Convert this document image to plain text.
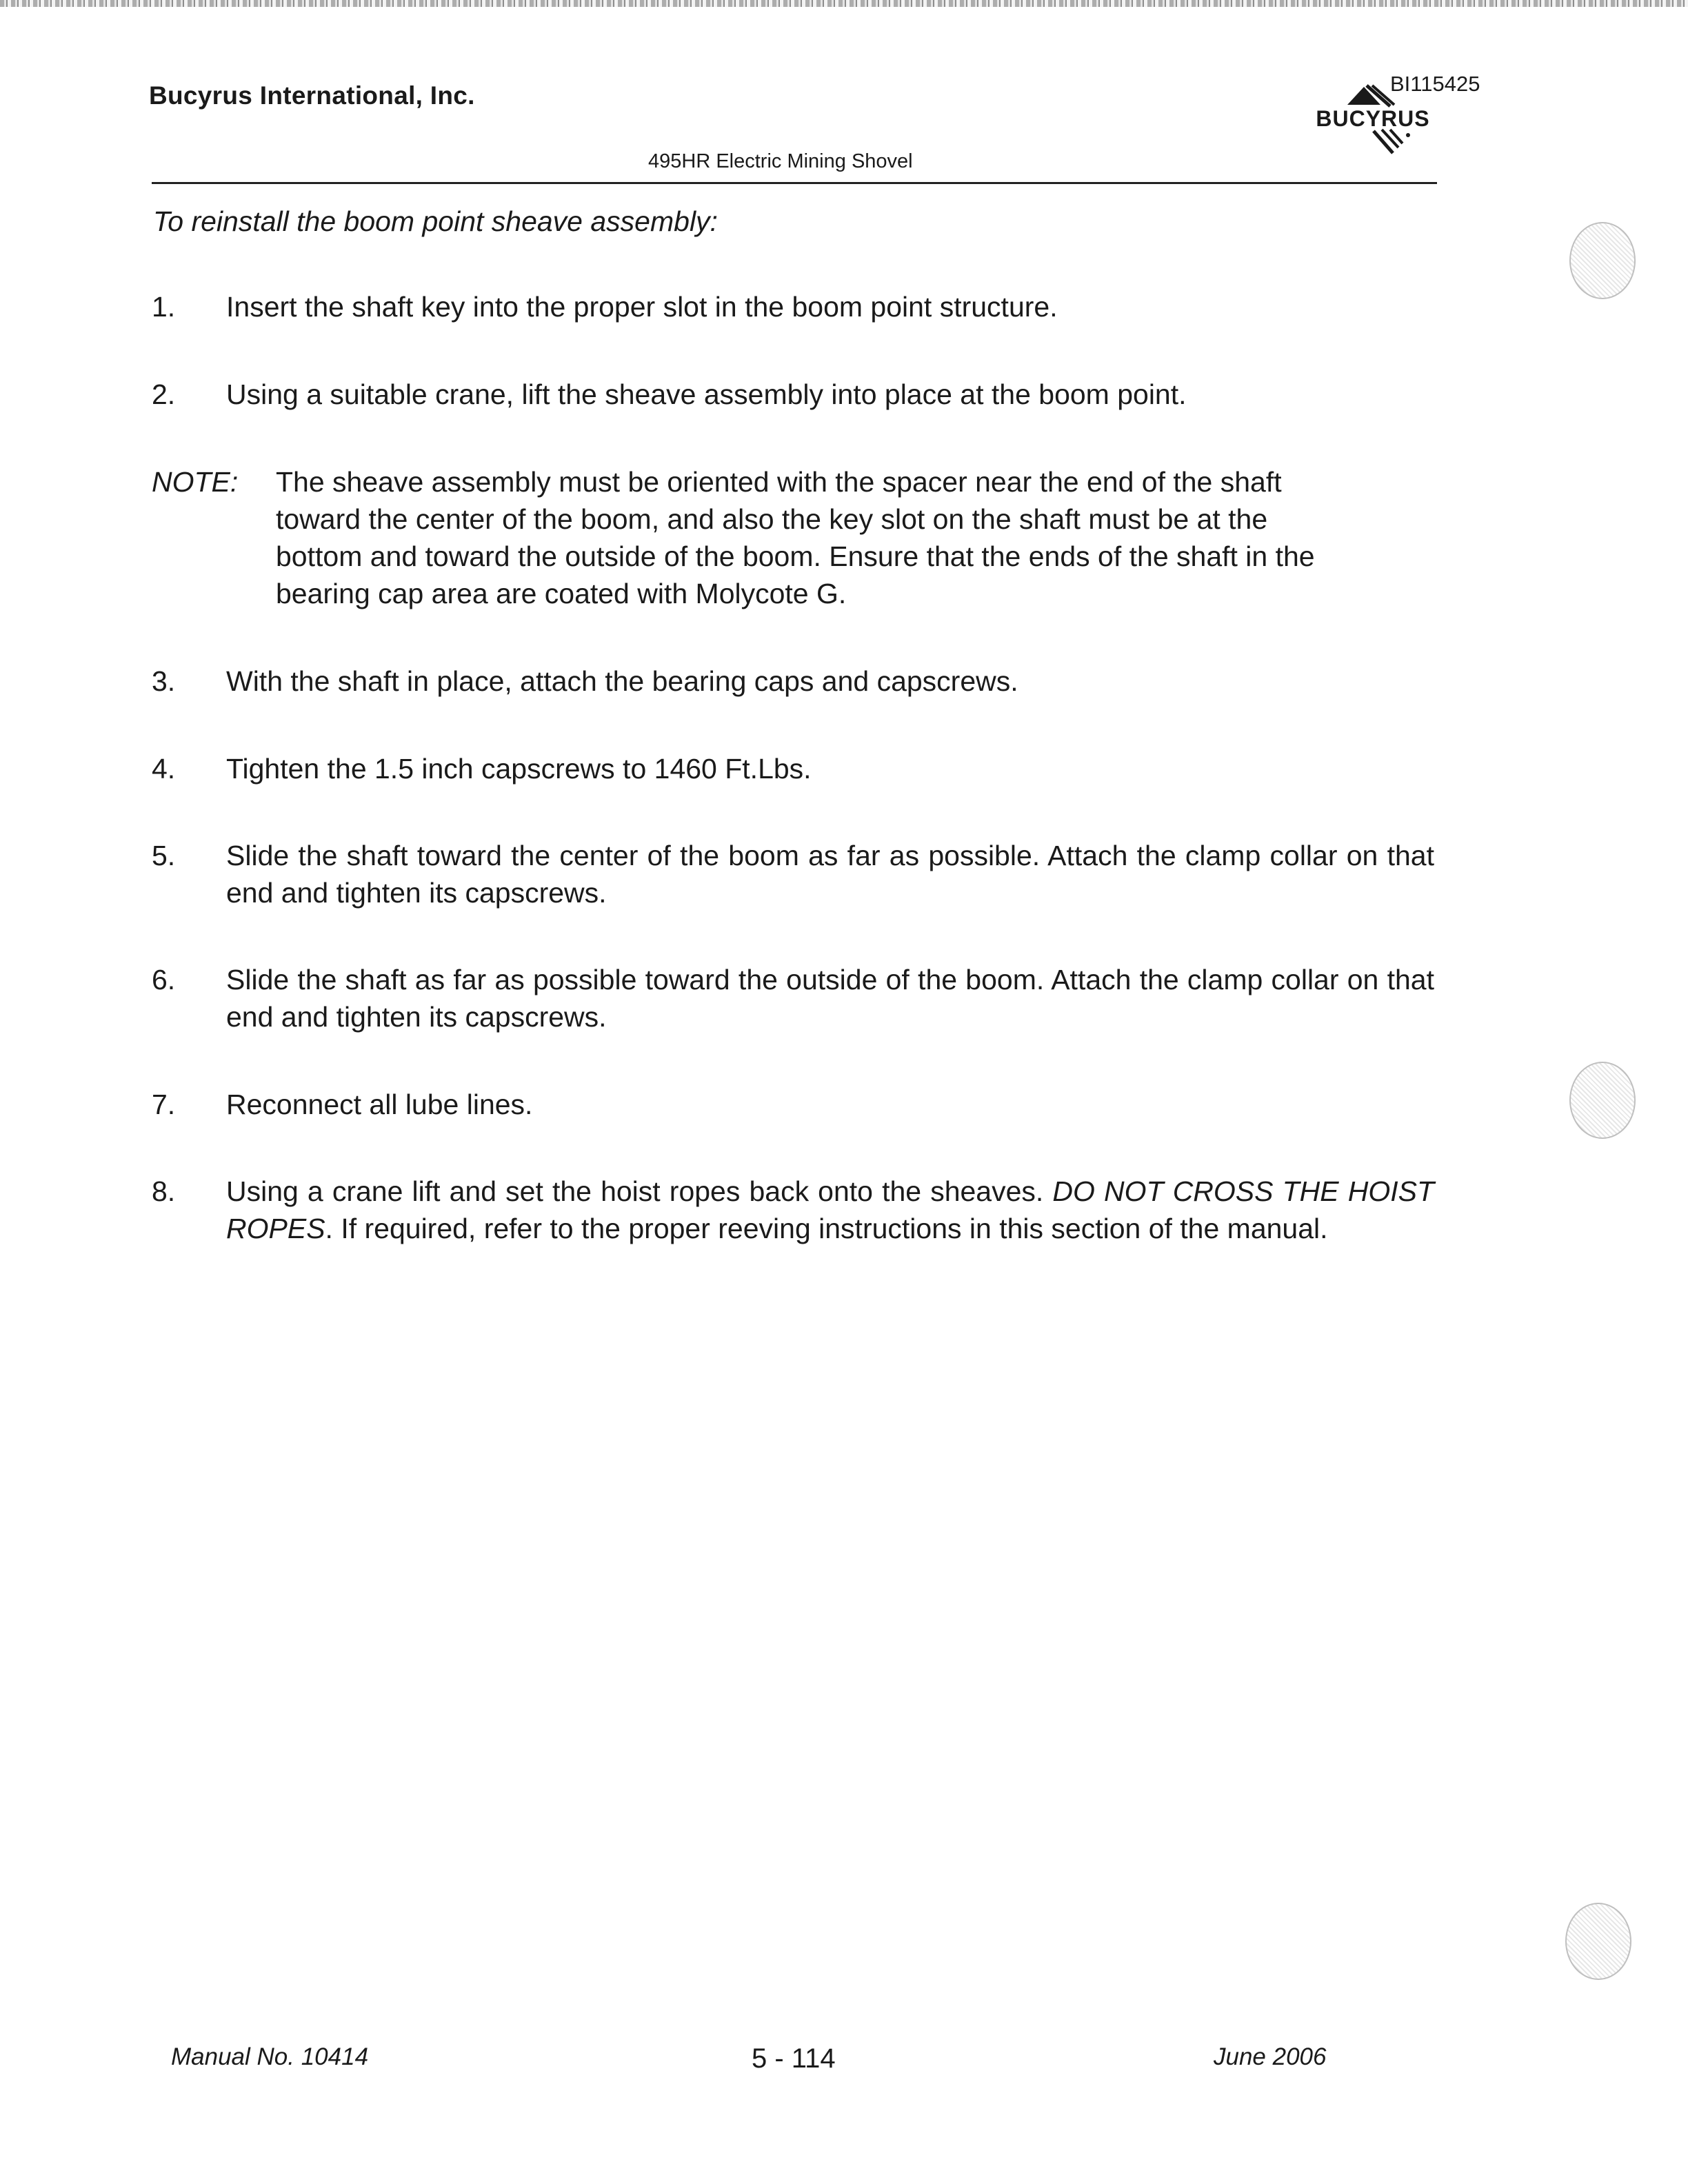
Bucyrus International, Inc.
BUCYRUS
BI115425
495HR Electric Mining Shovel
To reinstall the boom point sheave assembly:
1. Insert the shaft key into the proper slot in the boom point structure.
2. Using a suitable crane, lift the sheave assembly into place at the boom point.
NOTE: The sheave assembly must be oriented with the spacer near the end of the shaft toward the center of the boom, and also the key slot on the shaft must be at the bottom and toward the outside of the boom. Ensure that the ends of the shaft in the bearing cap area are coated with Molycote G.
3. With the shaft in place, attach the bearing caps and capscrews.
4. Tighten the 1.5 inch capscrews to 1460 Ft.Lbs.
5. Slide the shaft toward the center of the boom as far as possible. Attach the clamp collar on that end and tighten its capscrews.
6. Slide the shaft as far as possible toward the outside of the boom. Attach the clamp collar on that end and tighten its capscrews.
7. Reconnect all lube lines.
8. Using a crane lift and set the hoist ropes back onto the sheaves. DO NOT CROSS THE HOIST ROPES. If required, refer to the proper reeving instructions in this section of the manual.
Manual No. 10414	5 - 114	June 2006
